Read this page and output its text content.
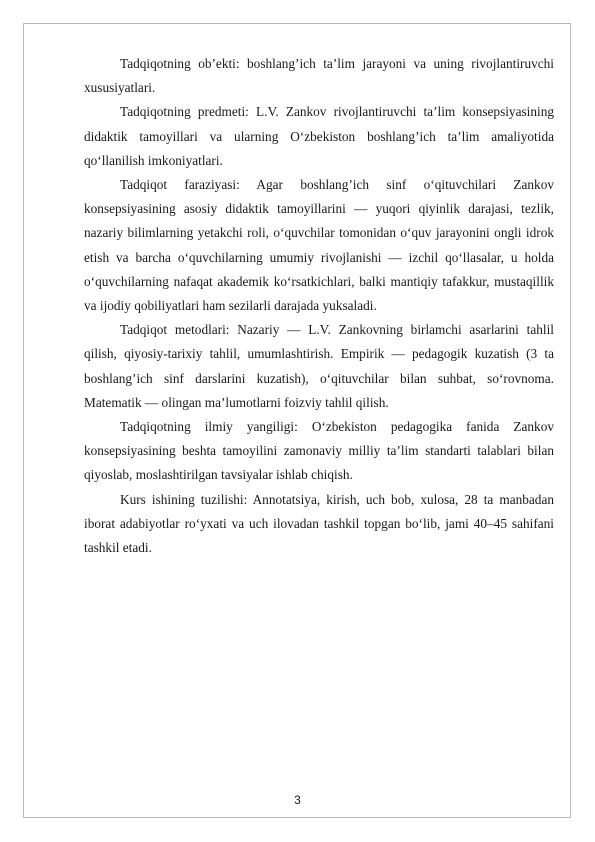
Tadqiqotning ob’ekti: boshlang’ich ta’lim jarayoni va uning rivojlantiruvchi xususiyatlari.

Tadqiqotning predmeti: L.V. Zankov rivojlantiruvchi ta’lim konsepsiyasining didaktik tamoyillari va ularning O‘zbekiston boshlang’ich ta’lim amaliyotida qo‘llanilish imkoniyatlari.

Tadqiqot faraziyasi: Agar boshlang’ich sinf o‘qituvchilari Zankov konsepsiyasining asosiy didaktik tamoyillarini — yuqori qiyinlik darajasi, tezlik, nazariy bilimlarning yetakchi roli, o‘quvchilar tomonidan o‘quv jarayonini ongli idrok etish va barcha o‘quvchilarning umumiy rivojlanishi — izchil qo‘llasalar, u holda o‘quvchilarning nafaqat akademik ko‘rsatkichlari, balki mantiqiy tafakkur, mustaqillik va ijodiy qobiliyatlari ham sezilarli darajada yuksaladi.

Tadqiqot metodlari: Nazariy — L.V. Zankovning birlamchi asarlarini tahlil qilish, qiyosiy-tarixiy tahlil, umumlashtirish. Empirik — pedagogik kuzatish (3 ta boshlang’ich sinf darslarini kuzatish), o‘qituvchilar bilan suhbat, so‘rovnoma. Matematik — olingan ma’lumotlarni foizviy tahlil qilish.

Tadqiqotning ilmiy yangiligi: O‘zbekiston pedagogika fanida Zankov konsepsiyasining beshta tamoyilini zamonaviy milliy ta’lim standarti talablari bilan qiyoslab, moslashtirilgan tavsiyalar ishlab chiqish.

Kurs ishining tuzilishi: Annotatsiya, kirish, uch bob, xulosa, 28 ta manbadan iborat adabiyotlar ro‘yxati va uch ilovadan tashkil topgan bo‘lib, jami 40–45 sahifani tashkil etadi.

3
